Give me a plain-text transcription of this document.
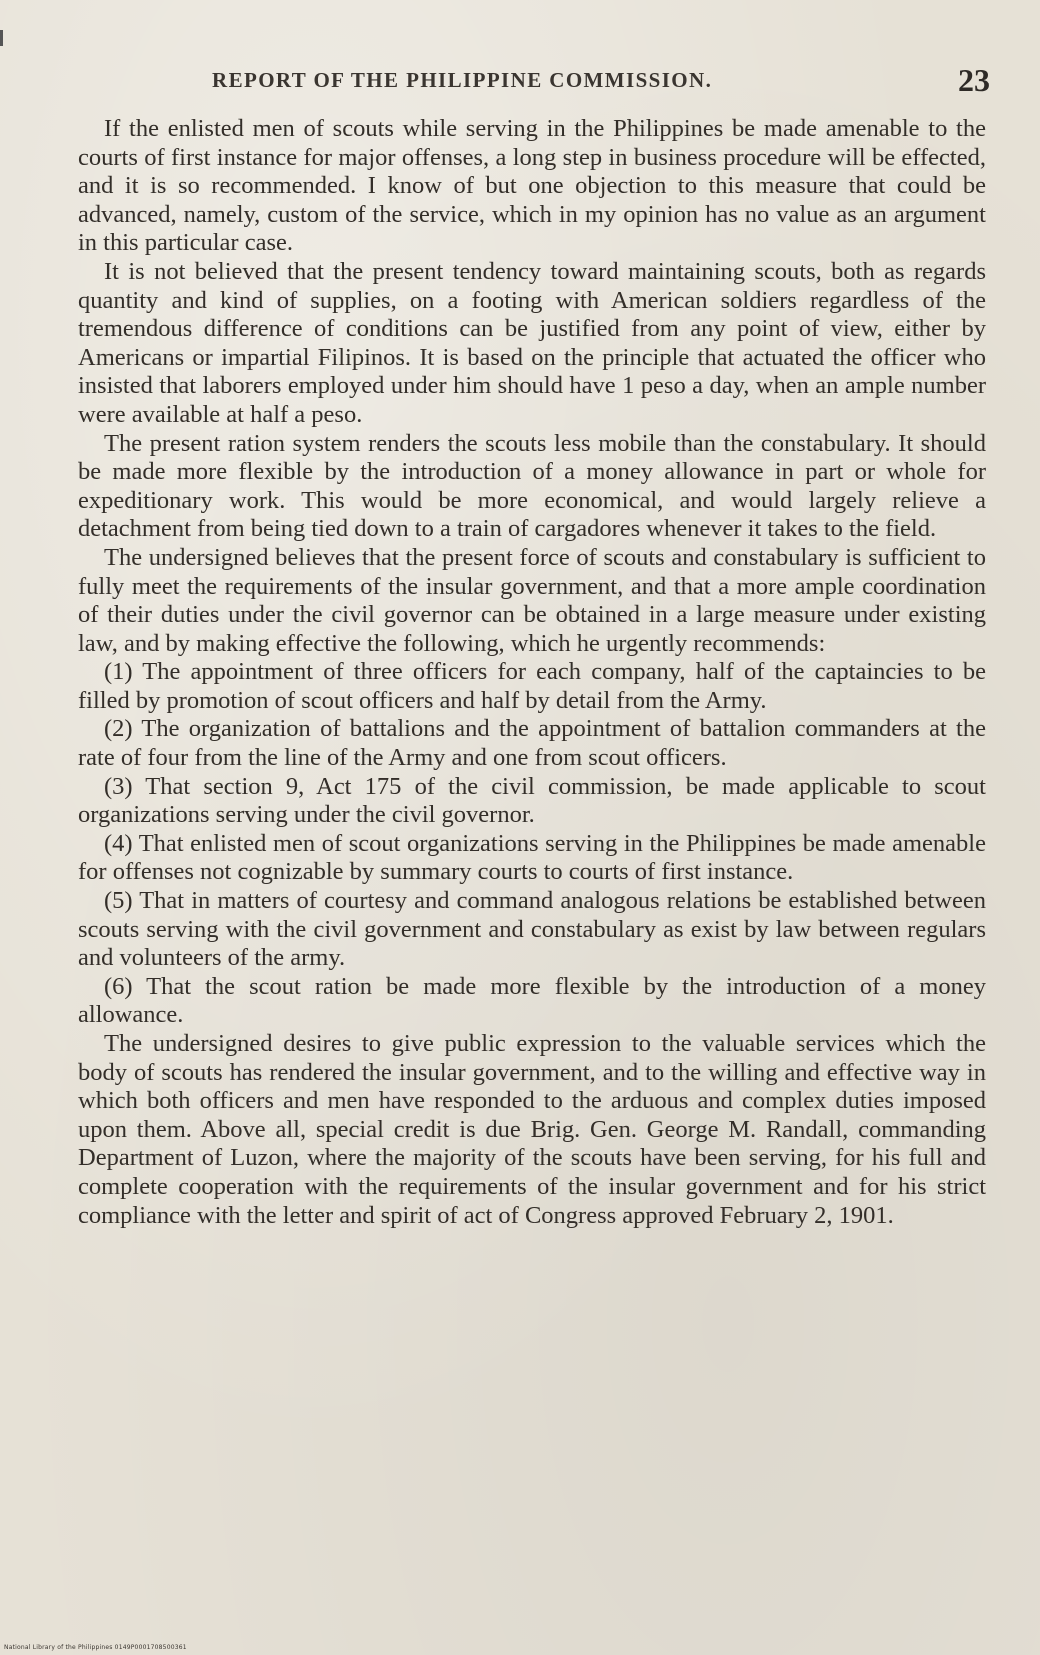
REPORT OF THE PHILIPPINE COMMISSION.	23

If the enlisted men of scouts while serving in the Philippines be made amenable to the courts of first instance for major offenses, a long step in business procedure will be effected, and it is so recommended. I know of but one objection to this measure that could be advanced, namely, custom of the service, which in my opinion has no value as an argument in this particular case.

It is not believed that the present tendency toward maintaining scouts, both as regards quantity and kind of supplies, on a footing with American soldiers regardless of the tremendous difference of conditions can be justified from any point of view, either by Americans or impartial Filipinos. It is based on the principle that actuated the officer who insisted that laborers employed under him should have 1 peso a day, when an ample number were available at half a peso.

The present ration system renders the scouts less mobile than the constabulary. It should be made more flexible by the introduction of a money allowance in part or whole for expeditionary work. This would be more economical, and would largely relieve a detachment from being tied down to a train of cargadores whenever it takes to the field.

The undersigned believes that the present force of scouts and constabulary is sufficient to fully meet the requirements of the insular government, and that a more ample coordination of their duties under the civil governor can be obtained in a large measure under existing law, and by making effective the following, which he urgently recommends:

(1) The appointment of three officers for each company, half of the captaincies to be filled by promotion of scout officers and half by detail from the Army.

(2) The organization of battalions and the appointment of battalion commanders at the rate of four from the line of the Army and one from scout officers.

(3) That section 9, Act 175 of the civil commission, be made applicable to scout organizations serving under the civil governor.

(4) That enlisted men of scout organizations serving in the Philippines be made amenable for offenses not cognizable by summary courts to courts of first instance.

(5) That in matters of courtesy and command analogous relations be established between scouts serving with the civil government and constabulary as exist by law between regulars and volunteers of the army.

(6) That the scout ration be made more flexible by the introduction of a money allowance.

The undersigned desires to give public expression to the valuable services which the body of scouts has rendered the insular government, and to the willing and effective way in which both officers and men have responded to the arduous and complex duties imposed upon them. Above all, special credit is due Brig. Gen. George M. Randall, commanding Department of Luzon, where the majority of the scouts have been serving, for his full and complete cooperation with the requirements of the insular government and for his strict compliance with the letter and spirit of act of Congress approved February 2, 1901.

National Library of the Philippines 0149P0001708500361
